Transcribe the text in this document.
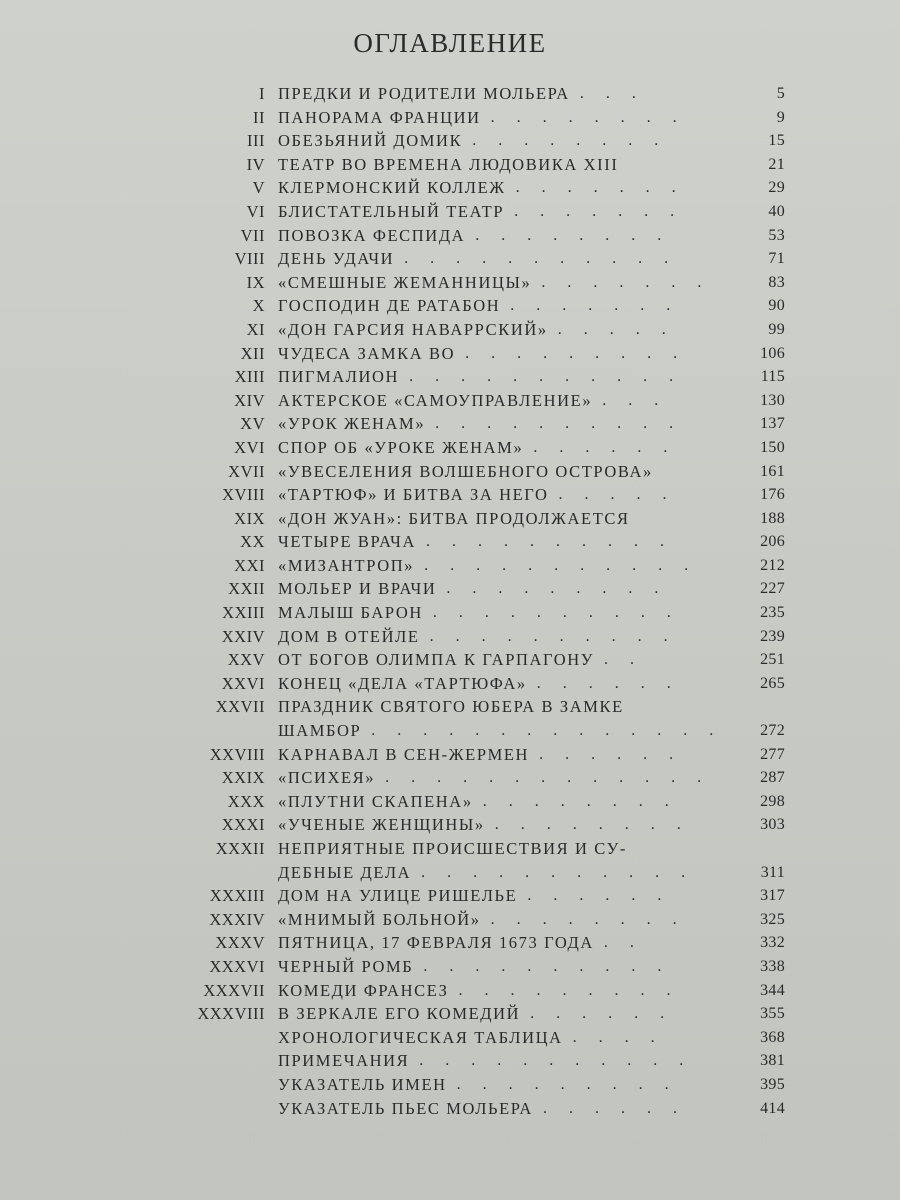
ОГЛАВЛЕНИЕ
I ПРЕДКИ И РОДИТЕЛИ МОЛЬЕРА . . .	5
II ПАНОРАМА ФРАНЦИИ . . . . . . . .	9
III ОБЕЗЬЯНИЙ ДОМИК . . . . . . . .	15
IV ТЕАТР ВО ВРЕМЕНА ЛЮДОВИКА XIII	21
V КЛЕРМОНСКИЙ КОЛЛЕЖ . . . . . . .	29
VI БЛИСТАТЕЛЬНЫЙ ТЕАТР . . . . . . .	40
VII ПОВОЗКА ФЕСПИДА . . . . . . . .	53
VIII ДЕНЬ УДАЧИ . . . . . . . . . . .	71
IX «СМЕШНЫЕ ЖЕМАННИЦЫ» . . . . . . .	83
X ГОСПОДИН ДЕ РАТАБОН . . . . . . .	90
XI «ДОН ГАРСИЯ НАВАРРСКИЙ» . . . . .	99
XII ЧУДЕСА ЗАМКА ВО . . . . . . . . .	106
XIII ПИГМАЛИОН . . . . . . . . . . .	115
XIV АКТЕРСКОЕ «САМОУПРАВЛЕНИЕ» . . .	130
XV «УРОК ЖЕНАМ» . . . . . . . . . .	137
XVI СПОР ОБ «УРОКЕ ЖЕНАМ» . . . . . .	150
XVII «УВЕСЕЛЕНИЯ ВОЛШЕБНОГО ОСТРОВА»	161
XVIII «ТАРТЮФ» И БИТВА ЗА НЕГО . . . . .	176
XIX «ДОН ЖУАН»: БИТВА ПРОДОЛЖАЕТСЯ	188
XX ЧЕТЫРЕ ВРАЧА . . . . . . . . . .	206
XXI «МИЗАНТРОП» . . . . . . . . . . .	212
XXII МОЛЬЕР И ВРАЧИ . . . . . . . . .	227
XXIII МАЛЫШ БАРОН . . . . . . . . . .	235
XXIV ДОМ В ОТЕЙЛЕ . . . . . . . . . .	239
XXV ОТ БОГОВ ОЛИМПА К ГАРПАГОНУ . .	251
XXVI КОНЕЦ «ДЕЛА «ТАРТЮФА» . . . . . .	265
XXVII ПРАЗДНИК СВЯТОГО ЮБЕРА В ЗАМКЕ
ШАМБОР . . . . . . . . . . . . . . 272
XXVIII КАРНАВАЛ В СЕН-ЖЕРМЕН . . . . . .	277
XXIX «ПСИХЕЯ» . . . . . . . . . . . . .	287
XXX «ПЛУТНИ СКАПЕНА» . . . . . . . .	298
XXXI «УЧЕНЫЕ ЖЕНЩИНЫ» . . . . . . . .	303
XXXII НЕПРИЯТНЫЕ ПРОИСШЕСТВИЯ И СУ-
ДЕБНЫЕ ДЕЛА . . . . . . . . . . .	311
XXXIII ДОМ НА УЛИЦЕ РИШЕЛЬЕ . . . . . .	317
XXXIV «МНИМЫЙ БОЛЬНОЙ» . . . . . . . .	325
XXXV ПЯТНИЦА, 17 ФЕВРАЛЯ 1673 ГОДА . .	332
XXXVI ЧЕРНЫЙ РОМБ . . . . . . . . . .	338
XXXVII КОМЕДИ ФРАНСЕЗ . . . . . . . . .	344
XXXVIII В ЗЕРКАЛЕ ЕГО КОМЕДИЙ . . . . . .	355
ХРОНОЛОГИЧЕСКАЯ ТАБЛИЦА . . . .	368
ПРИМЕЧАНИЯ . . . . . . . . . . .	381
УКАЗАТЕЛЬ ИМЕН . . . . . . . . .	395
УКАЗАТЕЛЬ ПЬЕС МОЛЬЕРА . . . . . .	414
